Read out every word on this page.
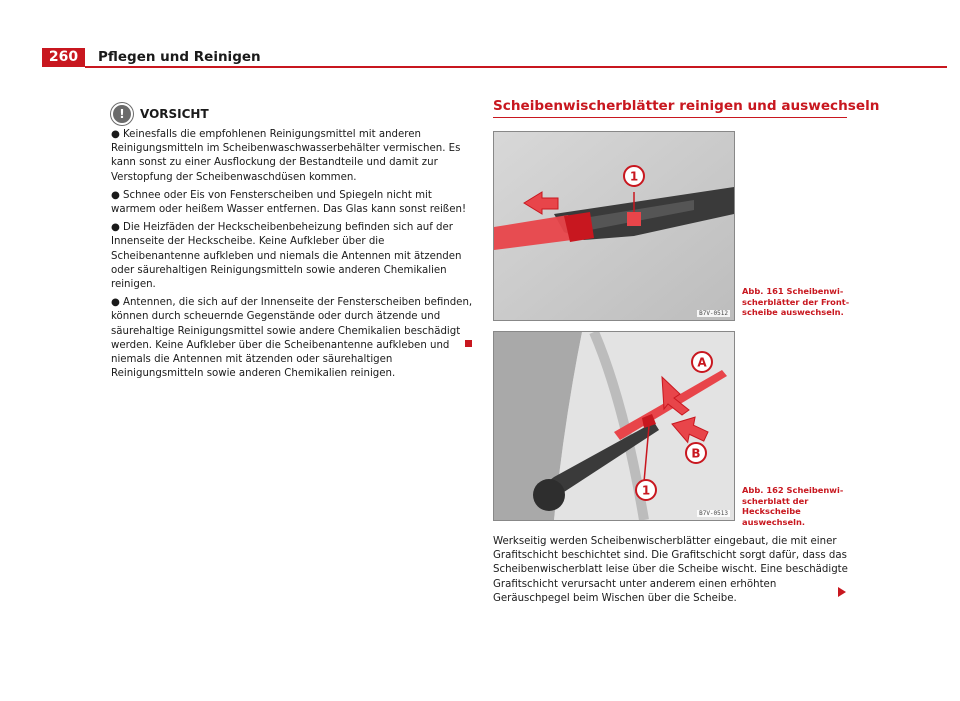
260	Pflegen und Reinigen
!	VORSICHT

● Keinesfalls die empfohlenen Reinigungsmittel mit anderen Reinigungsmitteln im Scheibenwaschwasserbehälter vermischen. Es kann sonst zu einer Ausflockung der Bestandteile und damit zur Verstopfung der Scheibenwaschdüsen kommen.

● Schnee oder Eis von Fensterscheiben und Spiegeln nicht mit warmem oder heißem Wasser entfernen. Das Glas kann sonst reißen!

● Die Heizfäden der Heckscheibenbeheizung befinden sich auf der Innenseite der Heckscheibe. Keine Aufkleber über die Scheibenantenne aufkleben und niemals die Antennen mit ätzenden oder säurehaltigen Reinigungsmitteln sowie anderen Chemikalien reinigen.

● Antennen, die sich auf der Innenseite der Fensterscheiben befinden, können durch scheuernde Gegenstände oder durch ätzende und säurehaltige Reinigungsmittel sowie andere Chemikalien beschädigt werden. Keine Aufkleber über die Scheibenantenne aufkleben und niemals die Antennen mit ätzenden oder säurehaltigen Reinigungsmitteln sowie anderen Chemikalien reinigen.

Scheibenwischerblätter reinigen und auswechseln
1
B7V-0512
Abb. 161 Scheibenwischerblätter der Frontscheibe auswechseln.
A
B
1
B7V-0513
Abb. 162 Scheibenwischerblatt der Heckscheibe auswechseln.

Werkseitig werden Scheibenwischerblätter eingebaut, die mit einer Grafitschicht beschichtet sind. Die Grafitschicht sorgt dafür, dass das Scheibenwischerblatt leise über die Scheibe wischt. Eine beschädigte Grafitschicht verursacht unter anderem einen erhöhten Geräuschpegel beim Wischen über die Scheibe.
